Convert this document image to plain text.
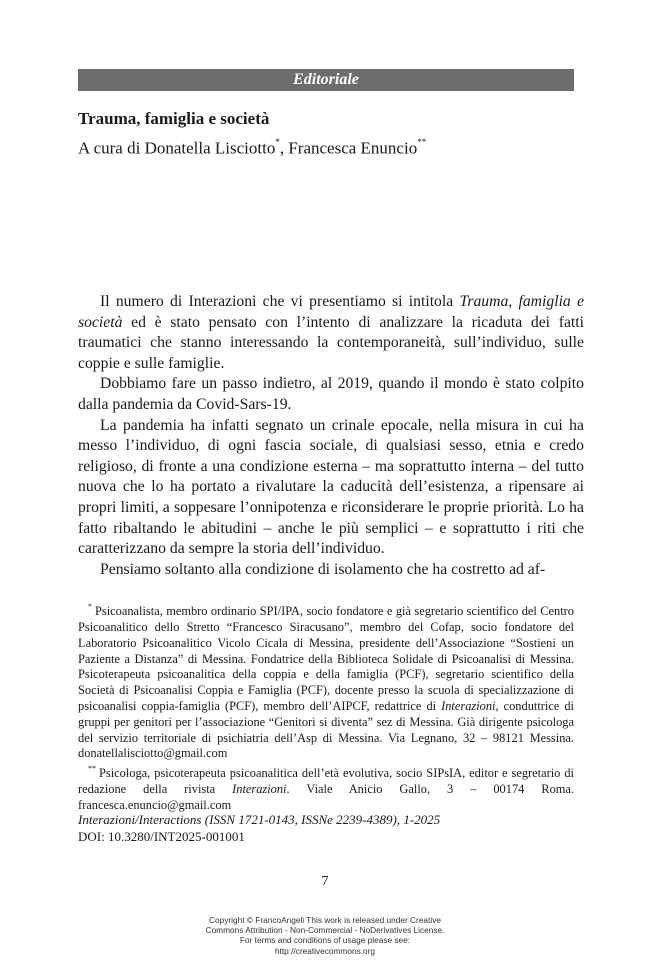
Editoriale
Trauma, famiglia e società
A cura di Donatella Lisciotto*, Francesca Enuncio**

Il numero di Interazioni che vi presentiamo si intitola Trauma, famiglia e società ed è stato pensato con l’intento di analizzare la ricaduta dei fatti traumatici che stanno interessando la contemporaneità, sull’individuo, sulle coppie e sulle famiglie.

Dobbiamo fare un passo indietro, al 2019, quando il mondo è stato colpito dalla pandemia da Covid-Sars-19.

La pandemia ha infatti segnato un crinale epocale, nella misura in cui ha messo l’individuo, di ogni fascia sociale, di qualsiasi sesso, etnia e credo religioso, di fronte a una condizione esterna – ma soprattutto interna – del tutto nuova che lo ha portato a rivalutare la caducità dell’esistenza, a ripensare ai propri limiti, a soppesare l’onnipotenza e riconsiderare le proprie priorità. Lo ha fatto ribaltando le abitudini – anche le più semplici – e soprattutto i riti che caratterizzano da sempre la storia dell’individuo.

Pensiamo soltanto alla condizione di isolamento che ha costretto ad af-

* Psicoanalista, membro ordinario SPI/IPA, socio fondatore e già segretario scientifico del Centro Psicoanalitico dello Stretto “Francesco Siracusano”, membro del Cofap, socio fondatore del Laboratorio Psicoanalitico Vicolo Cicala di Messina, presidente dell’Associazione “Sostieni un Paziente a Distanza” di Messina. Fondatrice della Biblioteca Solidale di Psicoanalisi di Messina. Psicoterapeuta psicoanalitica della coppia e della famiglia (PCF), segretario scientifico della Società di Psicoanalisi Coppia e Famiglia (PCF), docente presso la scuola di specializzazione di psicoanalisi coppia-famiglia (PCF), membro dell’AIPCF, redattrice di Interazioni, conduttrice di gruppi per genitori per l’associazione “Genitori si diventa” sez di Messina. Già dirigente psicologa del servizio territoriale di psichiatria dell’Asp di Messina. Via Legnano, 32 – 98121 Messina. donatellalisciotto@gmail.com

** Psicologa, psicoterapeuta psicoanalitica dell’età evolutiva, socio SIPsIA, editor e segretario di redazione della rivista Interazioni. Viale Anicio Gallo, 3 – 00174 Roma. francesca.enuncio@gmail.com

Interazioni/Interactions (ISSN 1721-0143, ISSNe 2239-4389), 1-2025
DOI: 10.3280/INT2025-001001
7
Copyright © FrancoAngeli This work is released under Creative
Commons Attribution - Non-Commercial - NoDerivatives License.
For terms and conditions of usage please see:
http://creativecommons.org
